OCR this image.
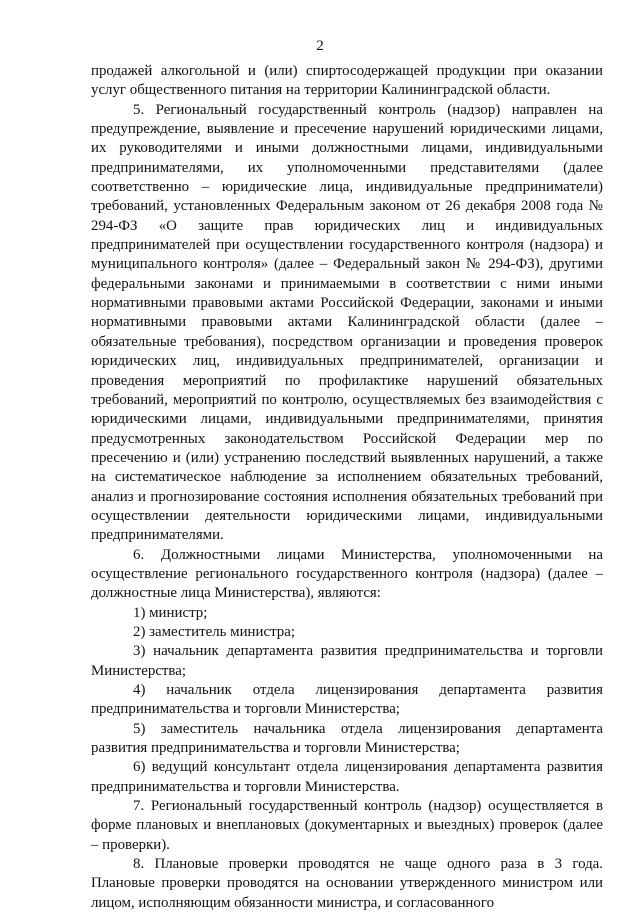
2

продажей алкогольной и (или) спиртосодержащей продукции при оказании услуг общественного питания на территории Калининградской области.

5. Региональный государственный контроль (надзор) направлен на предупреждение, выявление и пресечение нарушений юридическими лицами, их руководителями и иными должностными лицами, индивидуальными предпринимателями, их уполномоченными представителями (далее соответственно – юридические лица, индивидуальные предприниматели) требований, установленных Федеральным законом от 26 декабря 2008 года № 294-ФЗ «О защите прав юридических лиц и индивидуальных предпринимателей при осуществлении государственного контроля (надзора) и муниципального контроля» (далее – Федеральный закон № 294-ФЗ), другими федеральными законами и принимаемыми в соответствии с ними иными нормативными правовыми актами Российской Федерации, законами и иными нормативными правовыми актами Калининградской области (далее – обязательные требования), посредством организации и проведения проверок юридических лиц, индивидуальных предпринимателей, организации и проведения мероприятий по профилактике нарушений обязательных требований, мероприятий по контролю, осуществляемых без взаимодействия с юридическими лицами, индивидуальными предпринимателями, принятия предусмотренных законодательством Российской Федерации мер по пресечению и (или) устранению последствий выявленных нарушений, а также на систематическое наблюдение за исполнением обязательных требований, анализ и прогнозирование состояния исполнения обязательных требований при осуществлении деятельности юридическими лицами, индивидуальными предпринимателями.

6. Должностными лицами Министерства, уполномоченными на осуществление регионального государственного контроля (надзора) (далее – должностные лица Министерства), являются:

1) министр;

2) заместитель министра;

3) начальник департамента развития предпринимательства и торговли Министерства;

4) начальник отдела лицензирования департамента развития предпринимательства и торговли Министерства;

5) заместитель начальника отдела лицензирования департамента развития предпринимательства и торговли Министерства;

6) ведущий консультант отдела лицензирования департамента развития предпринимательства и торговли Министерства.

7. Региональный государственный контроль (надзор) осуществляется в форме плановых и внеплановых (документарных и выездных) проверок (далее – проверки).

8. Плановые проверки проводятся не чаще одного раза в 3 года. Плановые проверки проводятся на основании утвержденного министром или лицом, исполняющим обязанности министра, и согласованного
